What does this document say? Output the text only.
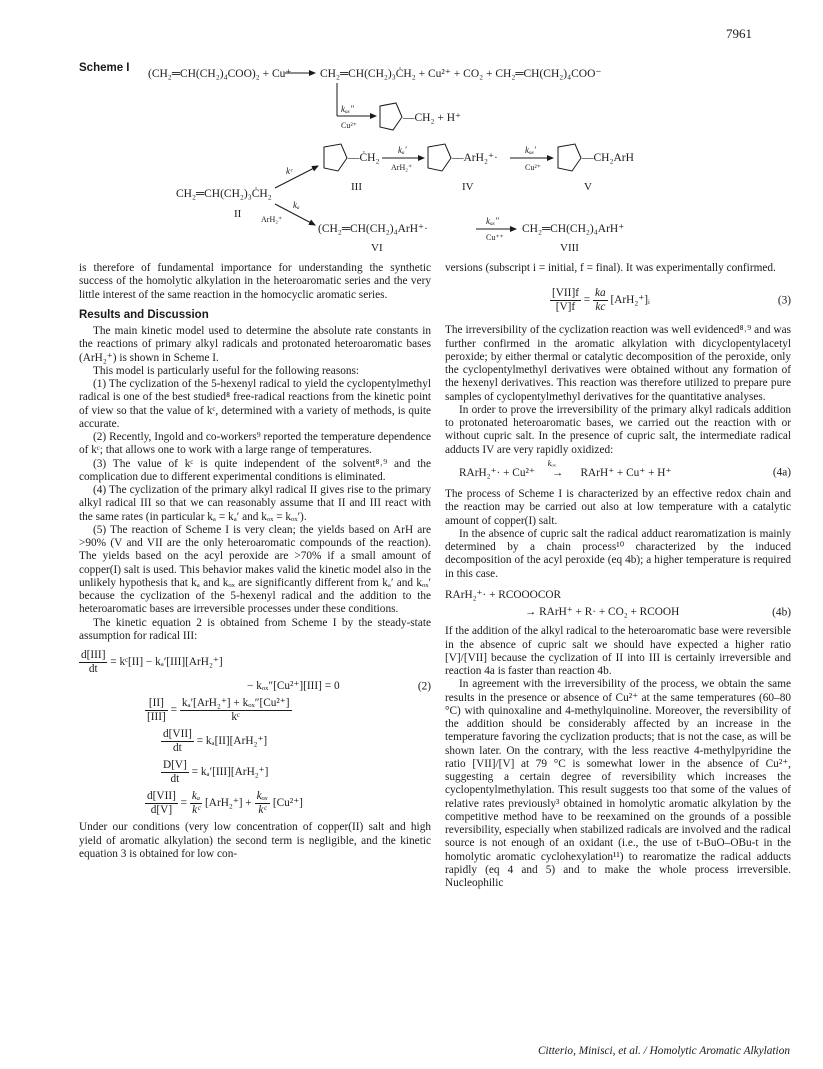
7961
Scheme I (CH₂═CH(CH₂)₄COO)₂ + Cu⁺ CH₂═CH(CH₂)₃ĊH₂ + Cu²⁺ + CO₂ + CH₂═CH(CH₂)₄COO⁻
kₒₓ″
Cu²⁺
—CH₂ + H⁺
—ĊH₂
kₐ′
ArH₂⁺
—ArH₂⁺·
kₒₓ′
Cu²⁺
—CH₂ArH
III	IV	V
kᶜ
CH₂═CH(CH₂)₃ĊH₂
II
kₐ
ArH₂⁺
(CH₂═CH(CH₂)₄ArH⁺·
kₒₓ″
Cu⁺⁺
CH₂═CH(CH₂)₄ArH⁺
VI	VIII

is therefore of fundamental importance for understanding the synthetic success of the homolytic alkylation in the heteroaromatic series and the very little interest of the same reaction in the homocyclic aromatic series.

Results and Discussion

The main kinetic model used to determine the absolute rate constants in the reactions of primary alkyl radicals and protonated heteroaromatic bases (ArH₂⁺) is shown in Scheme I.

This model is particularly useful for the following reasons:

(1) The cyclization of the 5-hexenyl radical to yield the cyclopentylmethyl radical is one of the best studied⁸ free-radical reactions from the kinetic point of view so that the value of kᶜ, determined with a variety of methods, is quite accurate.

(2) Recently, Ingold and co-workers⁹ reported the temperature dependence of kᶜ; that allows one to work with a large range of temperatures.

(3) The value of kᶜ is quite independent of the solvent⁸˒⁹ and the complication due to different experimental conditions is eliminated.

(4) The cyclization of the primary alkyl radical II gives rise to the primary alkyl radical III so that we can reasonably assume that II and III react with the same rates (in particular kₐ = kₐ′ and kₒₓ = kₒₓ′).

(5) The reaction of Scheme I is very clean; the yields based on ArH are >90% (V and VII are the only heteroaromatic compounds of the reaction). The yields based on the acyl peroxide are >70% if a small amount of copper(I) salt is used. This behavior makes valid the kinetic model also in the unlikely hypothesis that kₐ and kₒₓ are significantly different from kₐ′ and kₒₓ′ because the cyclization of the 5-hexenyl radical and the addition to the heteroaromatic bases are irreversible processes under these conditions.

The kinetic equation 2 is obtained from Scheme I by the steady-state assumption for radical III:

$\frac{\text{d[III]}}{dt}$ = kᶜ[II] − kₐ′[III][ArH₂⁺]
− kₒₓ″[Cu²⁺][III] = 0	(2)
$\frac{[II]}{\text{[III]}} = \frac{\text{kₐ′[ArH₂⁺] + kₒₓ″[Cu²⁺]}}{\text{kᶜ}}$
$\frac{\text{d[VII]}}{dt} = k_a[II][ArH_2^+]$
$\frac{D[V]}{dt} = k_a'[III][ArH_2^+]$
$\frac{\text{d[VII]}}{d[V]} = \frac{\text{kₐ}}{\text{kᶜ}} [ArH_2^+] + \frac{\text{kₒₓ}}{\text{kᶜ}} [Cu^{2+}]$

Under our conditions (very low concentration of copper(II) salt and high yield of aromatic alkylation) the second term is negligible, and the kinetic equation 3 is obtained for low con-

versions (subscript i = initial, f = final). It was experimentally confirmed.

$\frac{\text{[VII]f}}{[V]f} = \frac{ka}{kc}$ [ArH₂⁺]ᵢ	(3)

The irreversibility of the cyclization reaction was well evidenced⁸˒⁹ and was further confirmed in the aromatic alkylation with dicyclopentylacetyl peroxide; by either thermal or catalytic decomposition of the peroxide, only the cyclopentylmethyl derivatives were obtained without any formation of the hexenyl derivatives. This reaction was therefore utilized to prepare pure samples of cyclopentylmethyl derivatives for the quantitative analyses.

In order to prove the irreversibility of the primary alkyl radicals addition to protonated heteroaromatic bases, we carried out the reaction with or without cupric salt. In the presence of cupric salt, the intermediate radical adducts IV are very rapidly oxidized:

RArH₂⁺· + Cu²⁺
kₒₓ
→ RArH⁺ + Cu⁺ + H⁺	(4a)

The process of Scheme I is characterized by an effective redox chain and the reaction may be carried out also at low temperature with a catalytic amount of copper(I) salt.

In the absence of cupric salt the radical adduct rearomatization is mainly determined by a chain process¹⁰ characterized by the induced decomposition of the acyl peroxide (eq 4b); a higher temperature is required in this case.

RArH₂⁺· + RCOOOCOR
→ RArH⁺ + R· + CO₂ + RCOOH	(4b)

If the addition of the alkyl radical to the heteroaromatic base were reversible in the absence of cupric salt we should have expected a higher ratio [V]/[VII] because the cyclization of II into III is certainly irreversible and reaction 4a is faster than reaction 4b.

In agreement with the irreversibility of the process, we obtain the same results in the presence or absence of Cu²⁺ at the same temperatures (60–80 °C) with quinoxaline and 4-methylquinoline. Moreover, the reversibility of the addition should be considerably affected by an increase in the temperature favoring the cyclization products; that is not the case, as will be shown later. On the contrary, with the less reactive 4-methylpyridine the ratio [VII]/[V] at 79 °C is somewhat lower in the absence of Cu²⁺, suggesting a certain degree of reversibility which increases the cyclopentylmethylation. This result suggests too that some of the values of relative rates previously³ obtained in homolytic aromatic alkylation by the competitive method have to be reexamined on the grounds of a possible reversibility, especially when stabilized radicals are involved and the radical source is not enough of an oxidant (i.e., the use of t-BuO–OBu-t in the homolytic aromatic cyclohexylation¹¹) to rearomatize the radical adducts rapidly (eq 4 and 5) and to make the whole process irreversible. Nucleophilic

Citterio, Minisci, et al. / Homolytic Aromatic Alkylation
